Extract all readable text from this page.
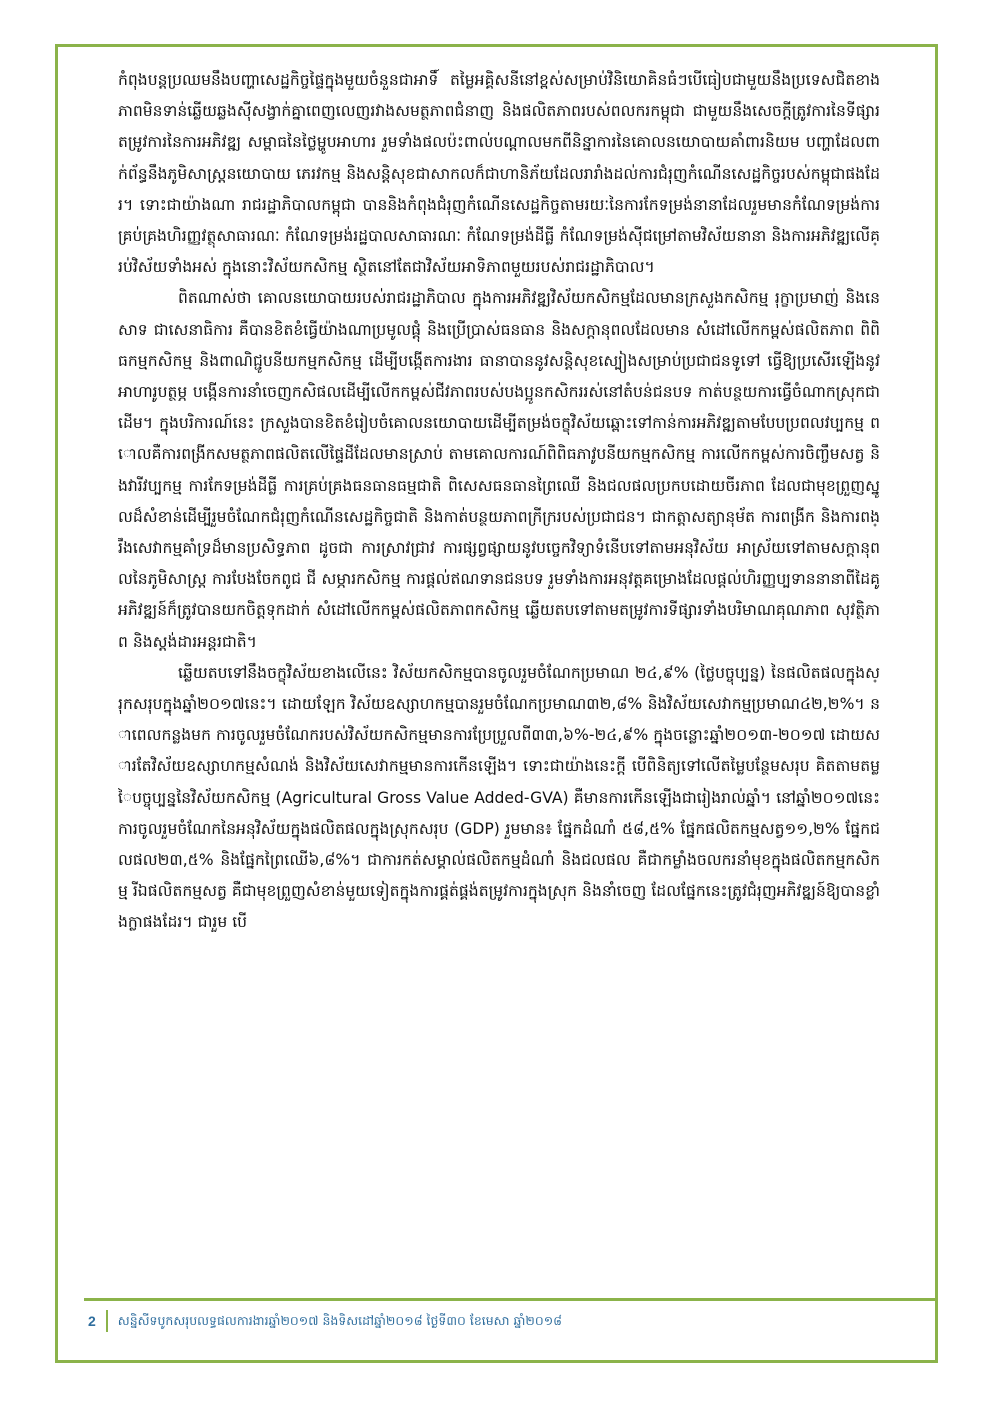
កំពុងបន្តប្រឈមនឹងបញ្ហាសេដ្ឋកិច្ចផ្ទៃក្នុងមួយចំនួនជាអាទិ៍ តម្លៃអគ្គិសនីនៅខ្ពស់សម្រាប់វិនិយោគិនធំៗបើធៀបជាមួយនឹងប្រទេសជិតខាង ភាពមិនទាន់ឆ្លើយឆ្លងស៊ីសង្វាក់គ្នាពេញលេញរវាងសមត្ថភាពជំនាញ និងផលិតភាពរបស់ពលករកម្ពុជា ជាមួយនឹងសេចក្តីត្រូវការនៃទីផ្សារ តម្រូវការនៃការអភិវឌ្ឍ សម្ពាធនៃថ្លៃម្ហូបអាហារ រួមទាំងផលប៉ះពាល់បណ្តាលមកពីនិន្នាការនៃគោលនយោបាយគាំពារនិយម បញ្ហាដែលពាក់ព័ន្ធនឹងភូមិសាស្ត្រនយោបាយ ភេរវកម្ម និងសន្តិសុខជាសាកលក៏ជាហានិភ័យដែលរារាំងដល់ការជំរុញកំណើនសេដ្ឋកិច្ចរបស់កម្ពុជាផងដែរ។ ទោះជាយ៉ាងណា រាជរដ្ឋាភិបាលកម្ពុជា បាននិងកំពុងជំរុញកំណើនសេដ្ឋកិច្ចតាមរយៈនៃការកែទម្រង់នានាដែលរួមមានកំណែទម្រង់ការគ្រប់គ្រងហិរញ្ញវត្ថុសាធារណៈ កំណែទម្រង់រដ្ឋបាលសាធារណៈ កំណែទម្រង់ដីធ្លី កំណែទម្រង់ស៊ីជម្រៅតាមវិស័យនានា និងការអភិវឌ្ឍលើគ្រប់វិស័យទាំងអស់ ក្នុងនោះវិស័យកសិកម្ម ស្ថិតនៅតែជាវិស័យអាទិភាពមួយរបស់រាជរដ្ឋាភិបាល។

ពិតណាស់ថា គោលនយោបាយរបស់រាជរដ្ឋាភិបាល ក្នុងការអភិវឌ្ឍវិស័យកសិកម្មដែលមានក្រសួងកសិកម្ម រុក្ខាប្រមាញ់ និងនេសាទ ជាសេនាធិការ គឺបានខិតខំធ្វើយ៉ាងណាប្រមូលផ្តុំ និងប្រើប្រាស់ធនធាន និងសក្តានុពលដែលមាន សំដៅលើកកម្ពស់ផលិតភាព ពិពិធកម្មកសិកម្ម និងពាណិជ្ជូបនីយកម្មកសិកម្ម ដើម្បីបង្កើតការងារ ធានាបាននូវសន្តិសុខស្បៀងសម្រាប់ប្រជាជនទូទៅ ធ្វើឱ្យប្រសើរឡើងនូវអាហារូបត្ថម្ភ បង្កើនការនាំចេញកសិផលដើម្បីលើកកម្ពស់ជីវភាពរបស់បងប្អូនកសិកររស់នៅតំបន់ជនបទ កាត់បន្ថយការធ្វើចំណាកស្រុកជាដើម។ ក្នុងបរិការណ៍នេះ ក្រសួងបានខិតខំរៀបចំគោលនយោបាយដើម្បីតម្រង់ចក្ខុវិស័យឆ្ពោះទៅកាន់ការអភិវឌ្ឍតាមបែបប្រពលវប្បកម្ម ពោលគឺការពង្រីកសមត្ថភាពផលិតលើផ្ទៃដីដែលមានស្រាប់ តាមគោលការណ៍ពិពិធភាវូបនីយកម្មកសិកម្ម ការលើកកម្ពស់ការចិញ្ចឹមសត្វ និងវារីវប្បកម្ម ការកែទម្រង់ដីធ្លី ការគ្រប់គ្រងធនធានធម្មជាតិ ពិសេសធនធានព្រៃឈើ និងជលផលប្រកបដោយចីរភាព ដែលជាមុខព្រួញស្នូលដ៏សំខាន់ដើម្បីរួមចំណែកជំរុញកំណើនសេដ្ឋកិច្ចជាតិ និងកាត់បន្ថយភាពក្រីក្ររបស់ប្រជាជន។ ជាកត្តាសត្យានុម័ត ការពង្រីក និងការពង្រឹងសេវាកម្មគាំទ្រដ៏មានប្រសិទ្ធភាព ដូចជា ការស្រាវជ្រាវ ការផ្សព្វផ្សាយនូវបច្ចេកវិទ្យាទំនើបទៅតាមអនុវិស័យ អាស្រ័យទៅតាមសក្តានុពលនៃភូមិសាស្ត្រ ការបែងចែកពូជ ជី សម្ភារកសិកម្ម ការផ្តល់ឥណទានជនបទ រួមទាំងការអនុវត្តគម្រោងដែលផ្តល់ហិរញ្ញប្បទាននានាពីដៃគូអភិវឌ្ឍន៍ក៏ត្រូវបានយកចិត្តទុកដាក់ សំដៅលើកកម្ពស់ផលិតភាពកសិកម្ម ឆ្លើយតបទៅតាមតម្រូវការទីផ្សារទាំងបរិមាណគុណភាព សុវត្ថិភាព និងស្តង់ដារអន្តរជាតិ។

ឆ្លើយតបទៅនឹងចក្ខុវិស័យខាងលើនេះ វិស័យកសិកម្មបានចូលរួមចំណែកប្រមាណ ២៤,៩% (ថ្លៃបច្ចុប្បន្ន) នៃផលិតផលក្នុងស្រុកសរុបក្នុងឆ្នាំ២០១៧នេះ។ ដោយឡែក វិស័យឧស្សាហកម្មបានរួមចំណែកប្រមាណ៣២,៨% និងវិស័យសេវាកម្មប្រមាណ៤២,២%។ នាពេលកន្លងមក ការចូលរួមចំណែករបស់វិស័យកសិកម្មមានការប្រែប្រួលពី៣៣,៦%-២៤,៩% ក្នុងចន្លោះឆ្នាំ២០១៣-២០១៧ ដោយសារតែវិស័យឧស្សាហកម្មសំណង់ និងវិស័យសេវាកម្មមានការកើនឡើង។ ទោះជាយ៉ាងនេះក្តី បើពិនិត្យទៅលើតម្លៃបន្ថែមសរុប គិតតាមតម្លៃបច្ចុប្បន្ននៃវិស័យកសិកម្ម (Agricultural Gross Value Added-GVA) គឺមានការកើនឡើងជារៀងរាល់ឆ្នាំ។ នៅឆ្នាំ២០១៧នេះ ការចូលរួមចំណែកនៃអនុវិស័យក្នុងផលិតផលក្នុងស្រុកសរុប (GDP) រួមមាន៖ ផ្នែកដំណាំ ៥៨,៥% ផ្នែកផលិតកម្មសត្វ១១,២% ផ្នែកជលផល២៣,៥% និងផ្នែកព្រៃឈើ៦,៨%។ ជាការកត់សម្គាល់ផលិតកម្មដំណាំ និងជលផល គឺជាកម្លាំងចលករនាំមុខក្នុងផលិតកម្មកសិកម្ម រីឯផលិតកម្មសត្វ គឺជាមុខព្រួញសំខាន់មួយទៀតក្នុងការផ្គត់ផ្គង់តម្រូវការក្នុងស្រុក និងនាំចេញ ដែលផ្នែកនេះត្រូវជំរុញអភិវឌ្ឍន៍ឱ្យបានខ្លាំងក្លាផងដែរ។ ជារួម បើ

2	សន្និសីទបូកសរុបលទ្ធផលការងារឆ្នាំ២០១៧ និងទិសដៅឆ្នាំ២០១៨ ថ្ងៃទី៣០ ខែមេសា ឆ្នាំ២០១៨
